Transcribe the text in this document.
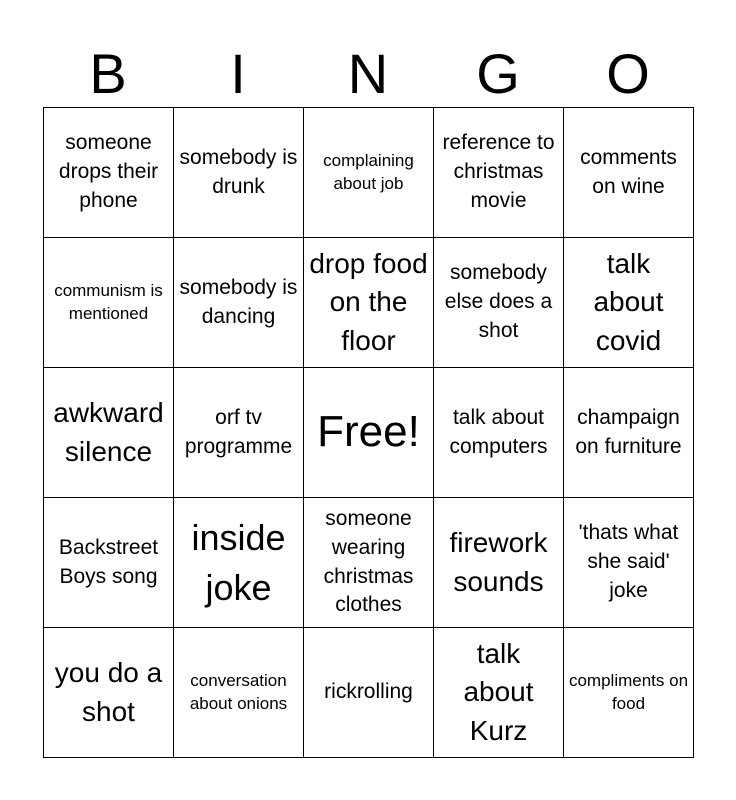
B	I	N	G	O
someone drops their phone	somebody is drunk	complaining about job	reference to christmas movie	comments on wine
communism is mentioned	somebody is dancing	drop food on the floor	somebody else does a shot	talk about covid
awkward silence	orf tv programme	Free!	talk about computers	champaign on furniture
Backstreet Boys song	inside joke	someone wearing christmas clothes	firework sounds	'thats what she said' joke
you do a shot	conversation about onions	rickrolling	talk about Kurz	compliments on food
